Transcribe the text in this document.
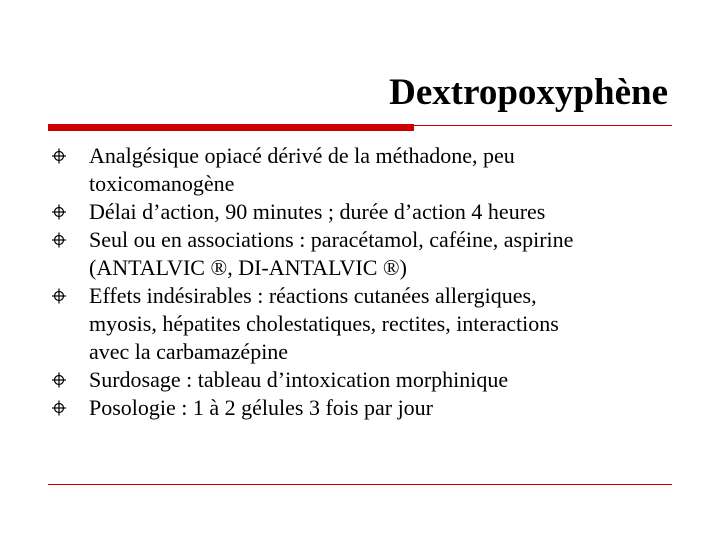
Dextropoxyphène
Analgésique opiacé dérivé de la méthadone, peu
toxicomanogène
Délai d’action, 90 minutes ; durée d’action 4 heures
Seul ou en associations : paracétamol, caféine, aspirine
(ANTALVIC ®, DI-ANTALVIC ®)
Effets indésirables : réactions cutanées allergiques,
myosis, hépatites cholestatiques, rectites, interactions
avec la carbamazépine
Surdosage : tableau d’intoxication morphinique
Posologie : 1 à 2 gélules 3 fois par jour
